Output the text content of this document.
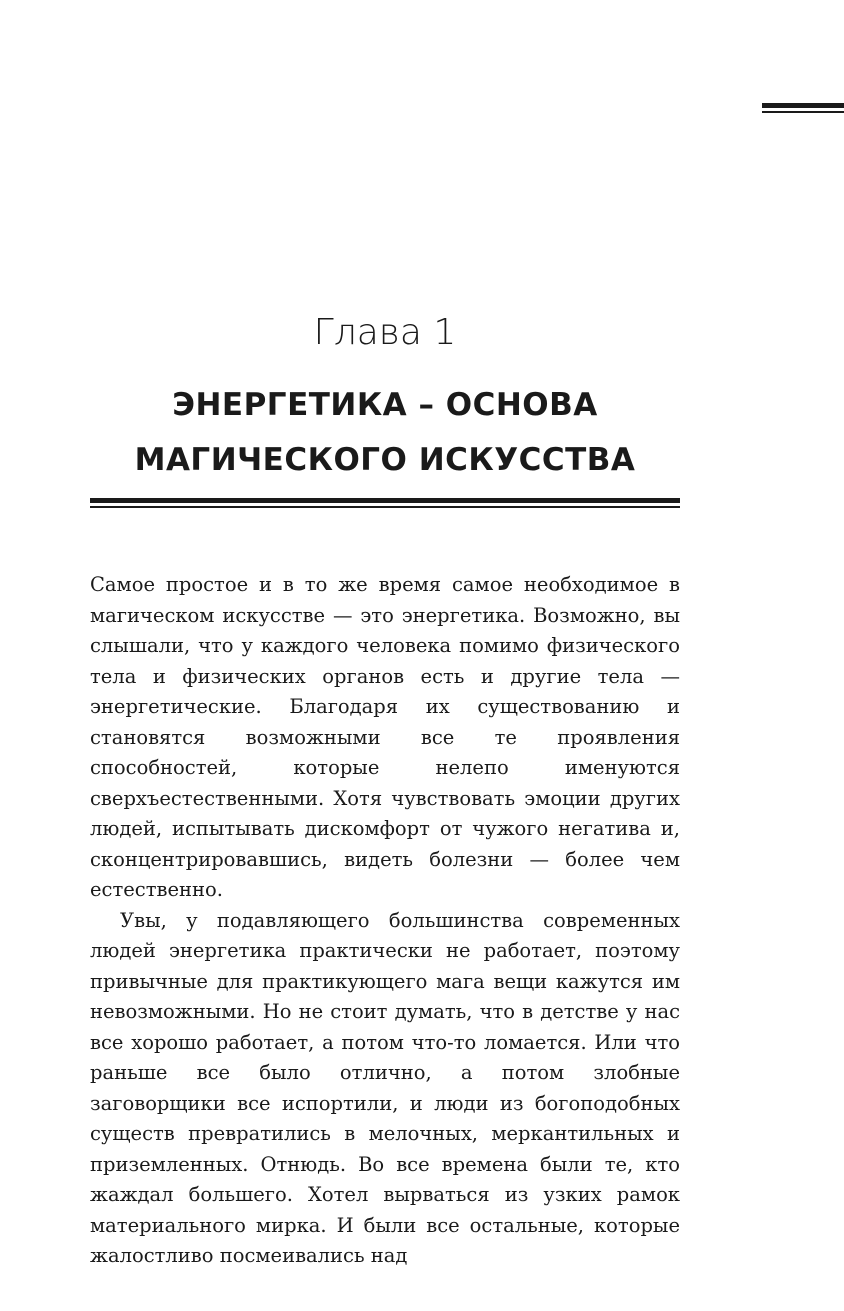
Глава 1
ЭНЕРГЕТИКА – ОСНОВА
МАГИЧЕСКОГО ИСКУССТВА

Самое простое и в то же время самое необходимое в магическом искусстве — это энергетика. Возможно, вы слышали, что у каждого человека помимо физического тела и физических органов есть и другие тела — энергетические. Благодаря их существованию и становятся возможными все те проявления способностей, которые нелепо именуются сверхъестественными. Хотя чувствовать эмоции других людей, испытывать дискомфорт от чужого негатива и, сконцентрировавшись, видеть болезни — более чем естественно.

Увы, у подавляющего большинства современных людей энергетика практически не работает, поэтому привычные для практикующего мага вещи кажутся им невозможными. Но не стоит думать, что в детстве у нас все хорошо работает, а потом что-то ломается. Или что раньше все было отлично, а потом злобные заговорщики все испортили, и люди из богоподобных существ превратились в мелочных, меркантильных и приземленных. Отнюдь. Во все времена были те, кто жаждал большего. Хотел вырваться из узких рамок материального мирка. И были все остальные, которые жалостливо посмеивались над
